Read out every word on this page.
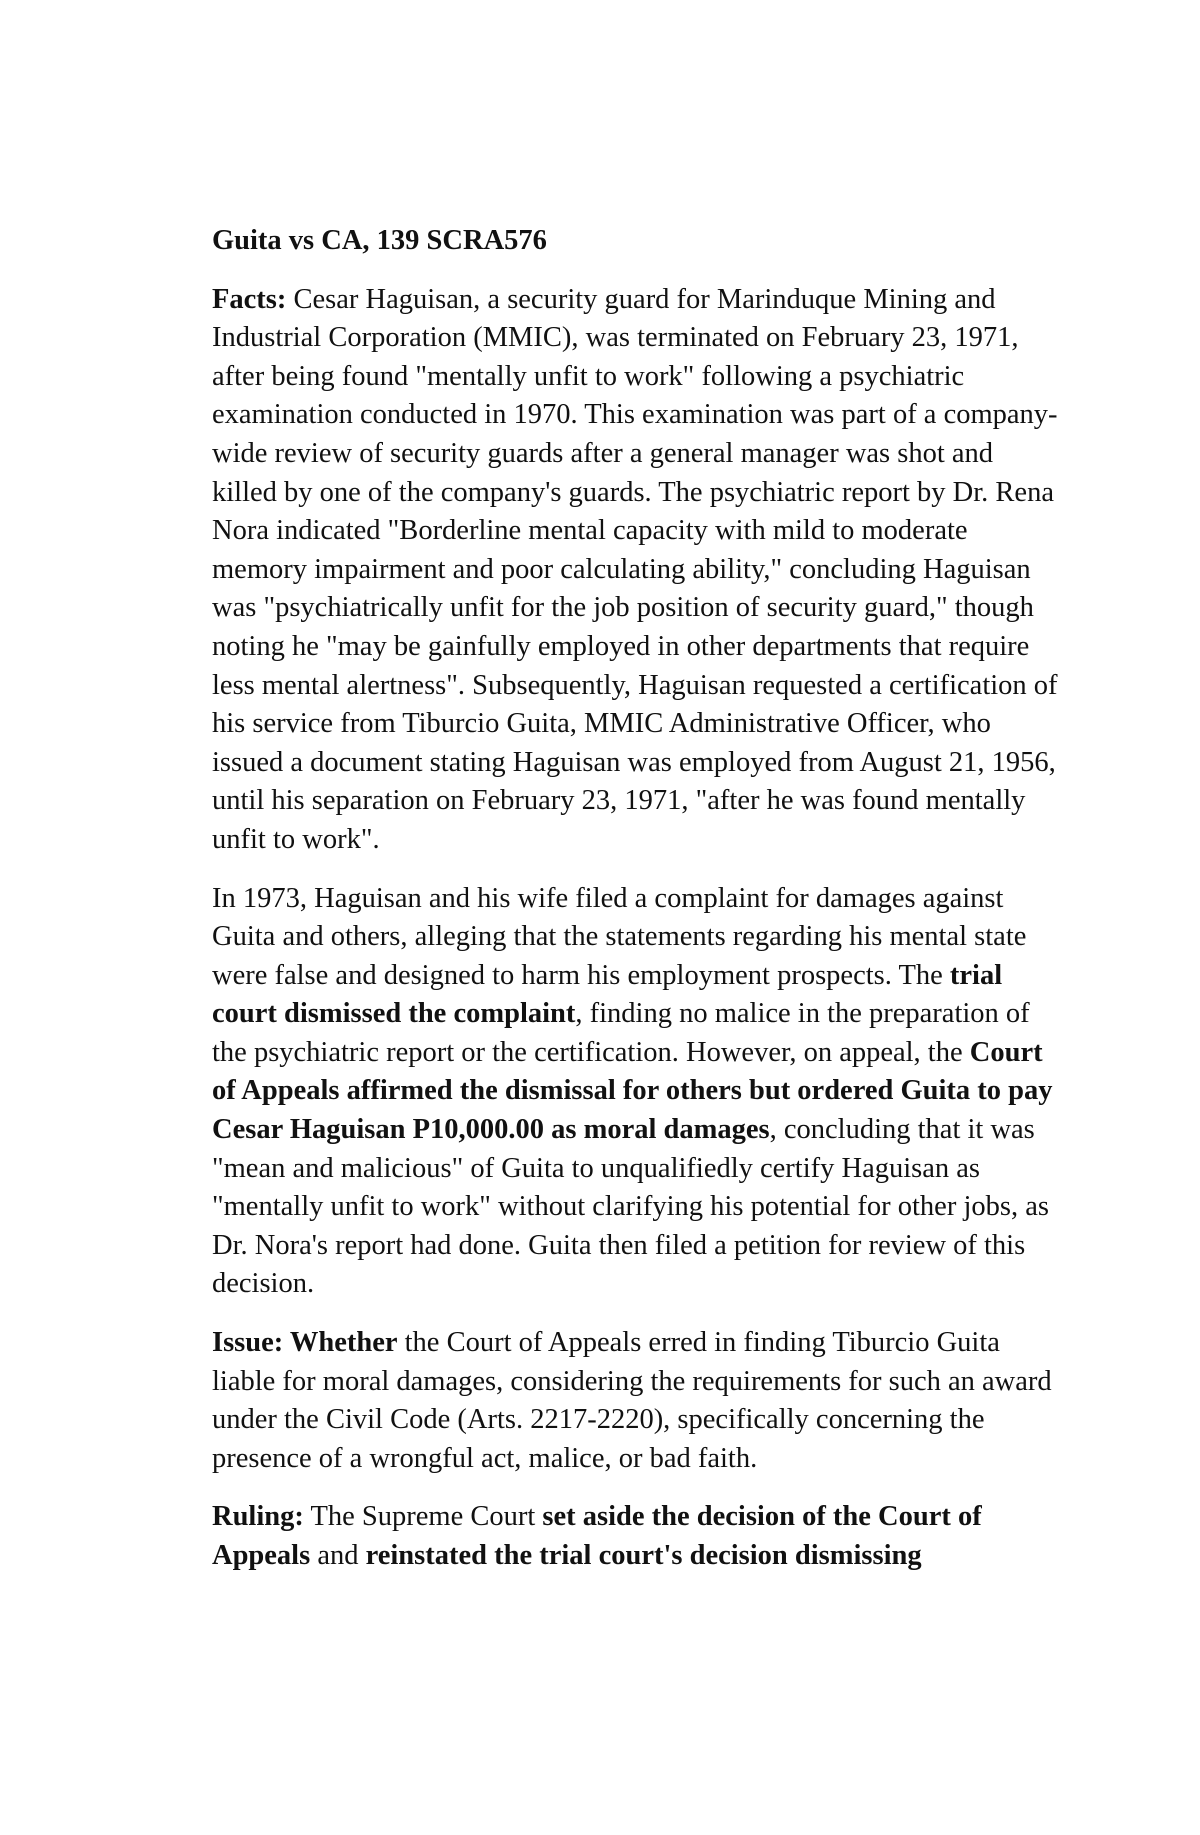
Guita vs CA, 139 SCRA576

Facts: Cesar Haguisan, a security guard for Marinduque Mining and Industrial Corporation (MMIC), was terminated on February 23, 1971, after being found "mentally unfit to work" following a psychiatric examination conducted in 1970. This examination was part of a company-wide review of security guards after a general manager was shot and killed by one of the company's guards. The psychiatric report by Dr. Rena Nora indicated "Borderline mental capacity with mild to moderate memory impairment and poor calculating ability," concluding Haguisan was "psychiatrically unfit for the job position of security guard," though noting he "may be gainfully employed in other departments that require less mental alertness". Subsequently, Haguisan requested a certification of his service from Tiburcio Guita, MMIC Administrative Officer, who issued a document stating Haguisan was employed from August 21, 1956, until his separation on February 23, 1971, "after he was found mentally unfit to work".

In 1973, Haguisan and his wife filed a complaint for damages against Guita and others, alleging that the statements regarding his mental state were false and designed to harm his employment prospects. The trial court dismissed the complaint, finding no malice in the preparation of the psychiatric report or the certification. However, on appeal, the Court of Appeals affirmed the dismissal for others but ordered Guita to pay Cesar Haguisan P10,000.00 as moral damages, concluding that it was "mean and malicious" of Guita to unqualifiedly certify Haguisan as "mentally unfit to work" without clarifying his potential for other jobs, as Dr. Nora's report had done. Guita then filed a petition for review of this decision.

Issue: Whether the Court of Appeals erred in finding Tiburcio Guita liable for moral damages, considering the requirements for such an award under the Civil Code (Arts. 2217-2220), specifically concerning the presence of a wrongful act, malice, or bad faith.

Ruling: The Supreme Court set aside the decision of the Court of Appeals and reinstated the trial court's decision dismissing
